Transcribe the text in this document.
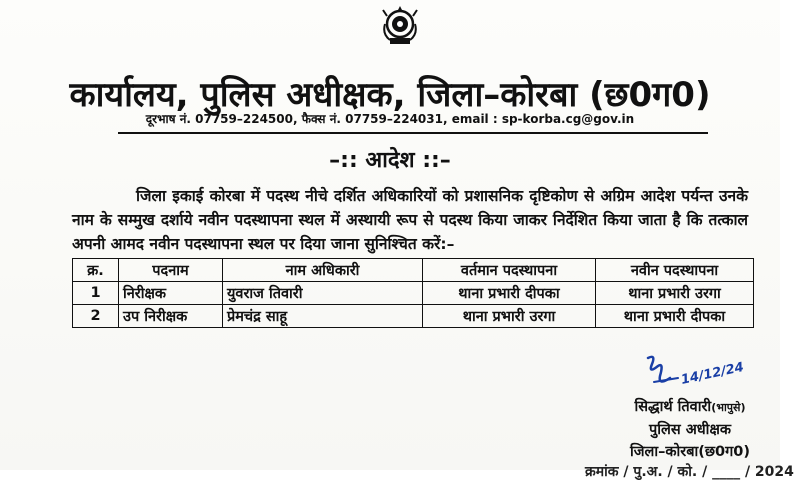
कार्यालय, पुलिस अधीक्षक, जिला–कोरबा (छ0ग0)
दूरभाष नं. 07759–224500, फैक्स नं. 07759–224031, email : sp-korba.cg@gov.in
–:: आदेश ::–
जिला इकाई कोरबा में पदस्थ नीचे दर्शित अधिकारियों को प्रशासनिक दृष्टिकोण से अग्रिम आदेश पर्यन्त उनके नाम के सम्मुख दर्शाये नवीन पदस्थापना स्थल में अस्थायी रूप से पदस्थ किया जाकर निर्देशित किया जाता है कि तत्काल अपनी आमद नवीन पदस्थापना स्थल पर दिया जाना सुनिश्चित करें:–
क्र.	पदनाम	नाम अधिकारी	वर्तमान पदस्थापना	नवीन पदस्थापना
1	निरीक्षक	युवराज तिवारी	थाना प्रभारी दीपका	थाना प्रभारी उरगा
2	उप निरीक्षक	प्रेमचंद्र साहू	थाना प्रभारी उरगा	थाना प्रभारी दीपका
14/12/24
सिद्धार्थ तिवारी(भापुसे)
पुलिस अधीक्षक
जिला–कोरबा(छ0ग0)
क्रमांक / पु.अ. / को. / ____ / 2024
